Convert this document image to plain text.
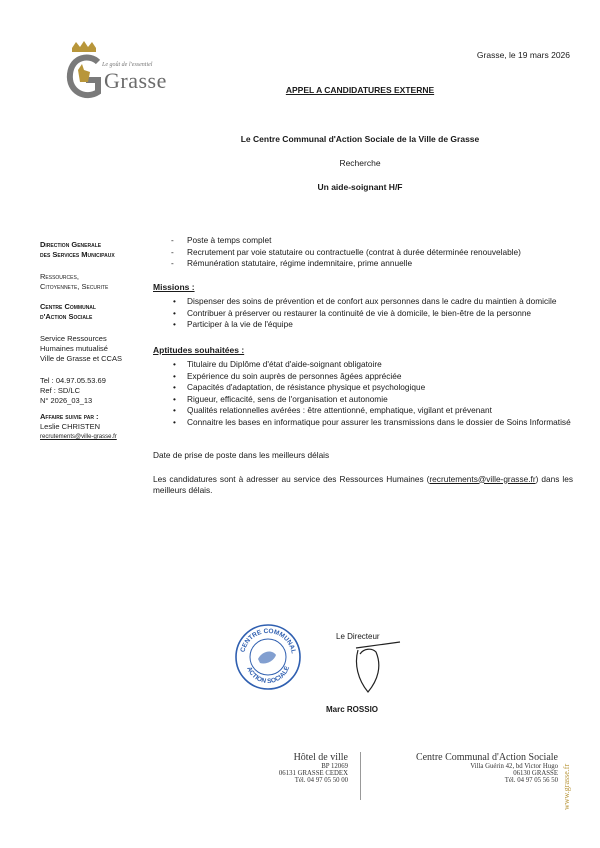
Le goût de l'essentiel
Grasse
Grasse, le 19 mars 2026
APPEL A CANDIDATURES EXTERNE
Le Centre Communal d'Action Sociale de la Ville de Grasse
Recherche
Un aide-soignant H/F
Direction Generale
des Services Municipaux
Ressources,
Citoyennete, Securite
Centre Communal
d'Action Sociale
Service Ressources
Humaines mutualisé
Ville de Grasse et CCAS
Tel : 04.97.05.53.69
Ref : SD/LC
N° 2026_03_13
Affaire suivie par :
Leslie CHRISTEN
recrutements@ville-grasse.fr
- Poste à temps complet
- Recrutement par voie statutaire ou contractuelle (contrat à durée déterminée renouvelable)
- Rémunération statutaire, régime indemnitaire, prime annuelle
Missions :
• Dispenser des soins de prévention et de confort aux personnes dans le cadre du maintien à domicile
• Contribuer à préserver ou restaurer la continuité de vie à domicile, le bien-être de la personne
• Participer à la vie de l'équipe
Aptitudes souhaitées :
• Titulaire du Diplôme d'état d'aide-soignant obligatoire
• Expérience du soin auprès de personnes âgées appréciée
• Capacités d'adaptation, de résistance physique et psychologique
• Rigueur, efficacité, sens de l'organisation et autonomie
• Qualités relationnelles avérées : être attentionné, emphatique, vigilant et prévenant
• Connaitre les bases en informatique pour assurer les transmissions dans le dossier de Soins Informatisé
Date de prise de poste dans les meilleurs délais
Les candidatures sont à adresser au service des Ressources Humaines (recrutements@ville-grasse.fr) dans les meilleurs délais.
CENTRE COMMUNAL
ACTION SOCIALE
Le Directeur
Marc ROSSIO
Hôtel de ville
BP 12069
06131 GRASSE CEDEX
Tél. 04 97 05 50 00
Centre Communal d'Action Sociale
Villa Guérin 42, bd Victor Hugo
06130 GRASSE
Tél. 04 97 05 56 50 www.grasse.fr
